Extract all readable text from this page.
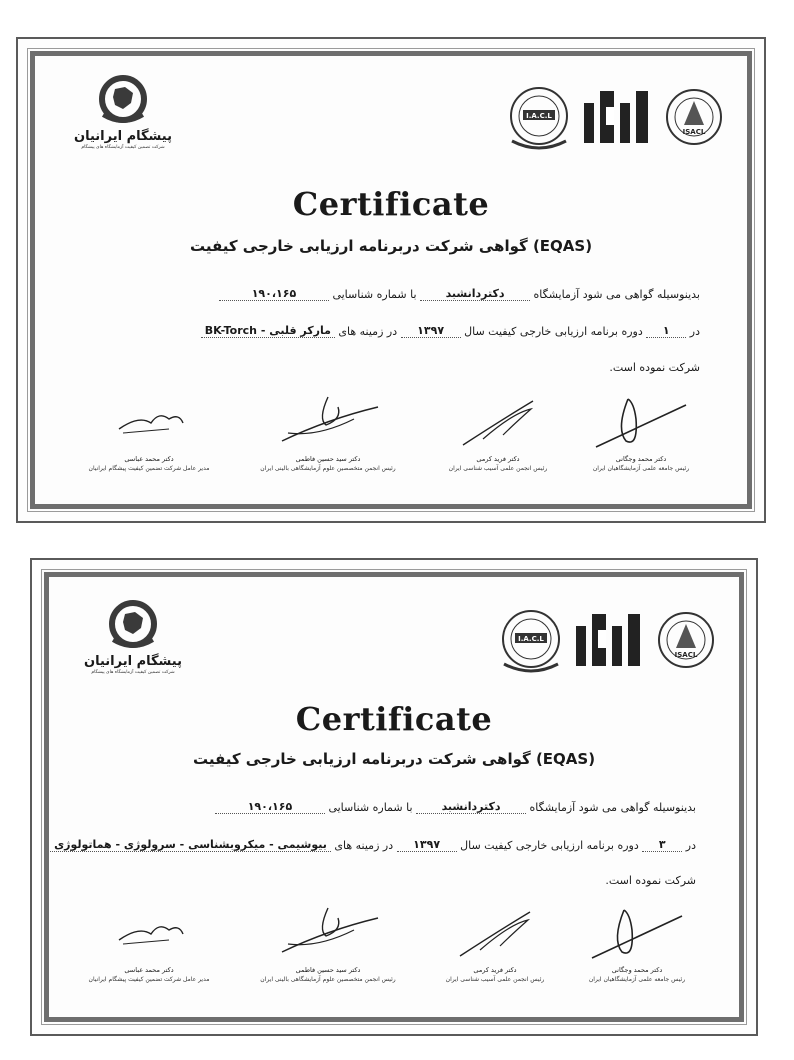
پیشگام ایرانیان
شرکت تضمین کیفیت آزمایشگاه های پیشگام
I.A.C.L
ISACL
Certificate
گواهی شرکت دربرنامه ارزیابی خارجی کیفیت (EQAS)
بدینوسیله گواهی می شود آزمایشگاه دکتردانشبد با شماره شناسایی ۱۹۰،۱۶۵
در ۱ دوره برنامه ارزیابی خارجی کیفیت سال ۱۳۹۷ در زمینه های مارکر قلبی - BK-Torch
شرکت نموده است.
دکتر محمد وجگانی
رئیس جامعه علمی آزمایشگاهیان ایران
دکتر فرید کرمی
رئیس انجمن علمی آسیب شناسی ایران
دکتر سید حسین فاطمی
رئیس انجمن متخصصین علوم آزمایشگاهی بالینی ایران
دکتر محمد عباسی
مدیر عامل شرکت تضمین کیفیت پیشگام ایرانیان
پیشگام ایرانیان
شرکت تضمین کیفیت آزمایشگاه های پیشگام
I.A.C.L
ISACL
Certificate
گواهی شرکت دربرنامه ارزیابی خارجی کیفیت (EQAS)
بدینوسیله گواهی می شود آزمایشگاه دکتردانشبد با شماره شناسایی ۱۹۰،۱۶۵
در ۳ دوره برنامه ارزیابی خارجی کیفیت سال ۱۳۹۷ در زمینه های بیوشیمی - میکروبشناسی - سرولوژی - هماتولوژی
شرکت نموده است.
دکتر محمد وجگانی
رئیس جامعه علمی آزمایشگاهیان ایران
دکتر فرید کرمی
رئیس انجمن علمی آسیب شناسی ایران
دکتر سید حسین فاطمی
رئیس انجمن متخصصین علوم آزمایشگاهی بالینی ایران
دکتر محمد عباسی
مدیر عامل شرکت تضمین کیفیت پیشگام ایرانیان
